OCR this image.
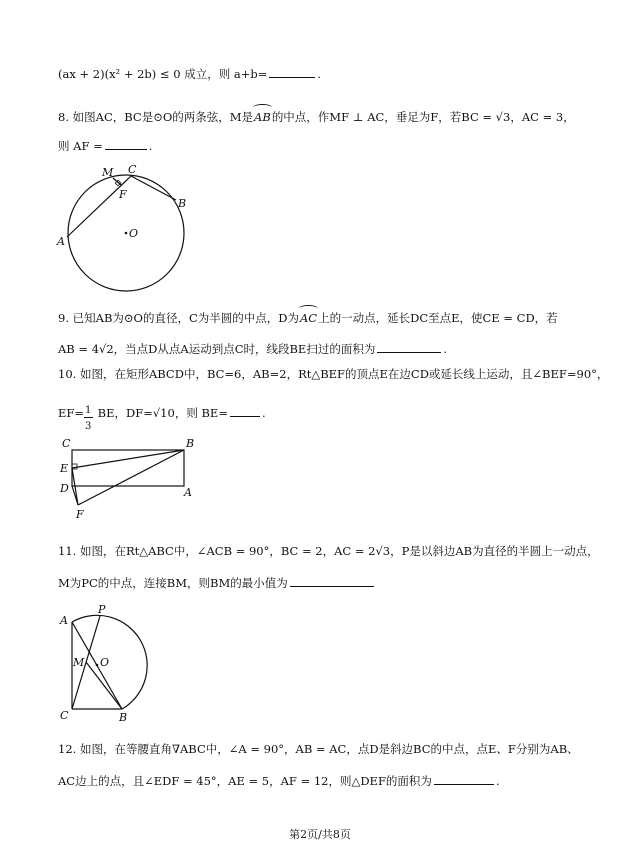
(ax + 2)(x² + 2b) ≤ 0 成立，则 a+b=	.
8. 如图AC，BC是⊙O的两条弦，M是
AB的中点，作MF ⊥ AC，垂足为F，若BC = √3，AC = 3，
则 AF =	.
M C
F
B
A
O
9. 已知AB为⊙O的直径，C为半圆的中点，D为
AC上的一动点，延长DC至点E，使CE = CD，若
AB = 4√2，当点D从点A运动到点C时，线段BE扫过的面积为	.
10. 如图，在矩形ABCD中，BC=6，AB=2，Rt△BEF的顶点E在边CD或延长线上运动，且∠BEF=90°，
EF=
$\frac{1}{3}$
BE，DF=√10，则 BE=	.
C	B
E
D	A
F
11. 如图，在Rt△ABC中，∠ACB = 90°，BC = 2，AC = 2√3，P是以斜边AB为直径的半圆上一动点，
M为PC的中点，连接BM，则BM的最小值为
A
P
M O
C	B
12. 如图，在等腰直角∇ABC中，∠A = 90°，AB = AC，点D是斜边BC的中点，点E、F分别为AB、
AC边上的点，且∠EDF = 45°，AE = 5，AF = 12，则△DEF的面积为	.
第2页/共8页
